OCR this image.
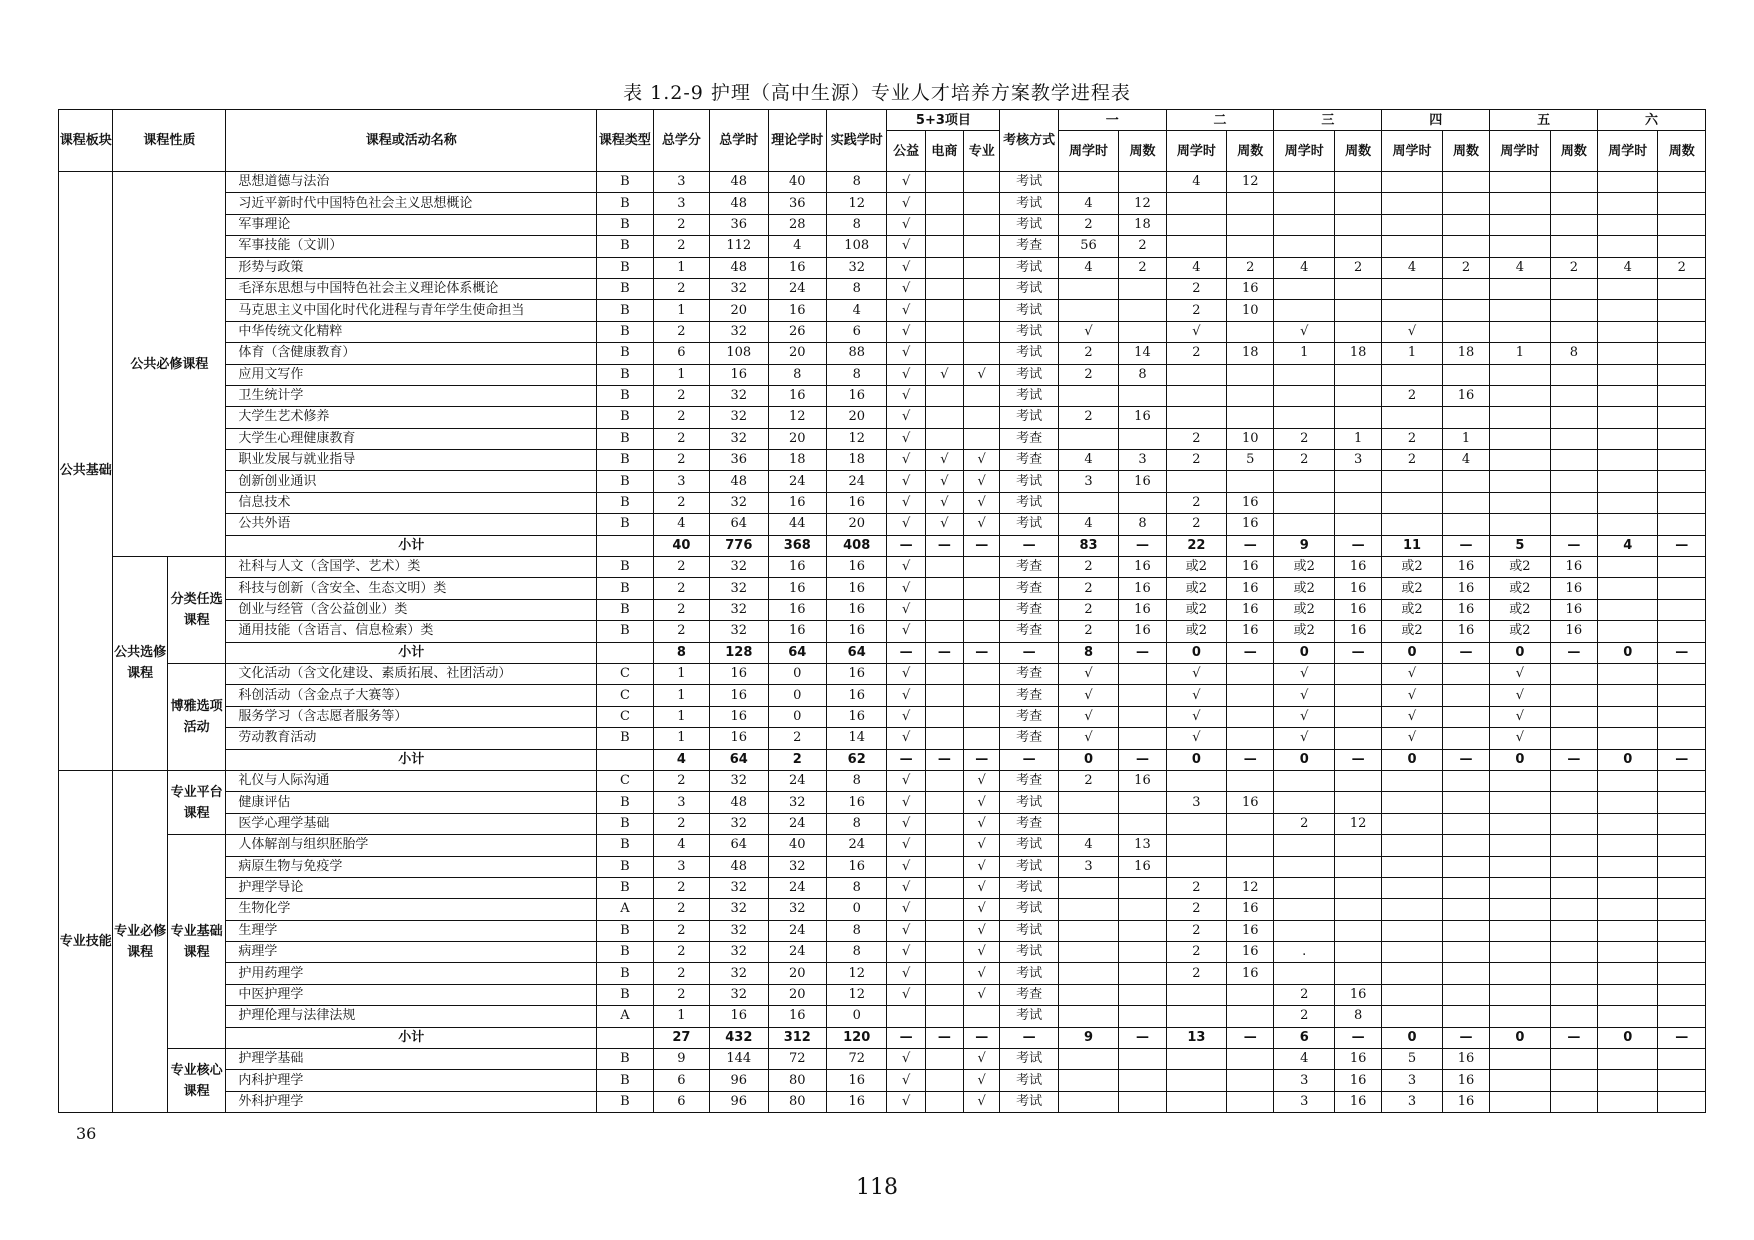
表 1.2-9 护理（高中生源）专业人才培养方案教学进程表
课程板块	课程性质		课程或活动名称	课程类型	总学分	总学时	理论学时	实践学时	5+3项目			考核方式	一		二		三		四		五		六	
									公益	电商	专业		周学时	周数	周学时	周数	周学时	周数	周学时	周数	周学时	周数	周学时	周数
公共基础	公共必修课程		思想道德与法治	B	3	48	40	8	√			考试			4	12								
			习近平新时代中国特色社会主义思想概论	B	3	48	36	12	√			考试	4	12										
			军事理论	B	2	36	28	8	√			考试	2	18										
			军事技能（文训）	B	2	112	4	108	√			考查	56	2										
			形势与政策	B	1	48	16	32	√			考试	4	2	4	2	4	2	4	2	4	2	4	2
			毛泽东思想与中国特色社会主义理论体系概论	B	2	32	24	8	√			考试			2	16								
			马克思主义中国化时代化进程与青年学生使命担当	B	1	20	16	4	√			考试			2	10								
			中华传统文化精粹	B	2	32	26	6	√			考试	√		√		√		√					
			体育（含健康教育）	B	6	108	20	88	√			考试	2	14	2	18	1	18	1	18	1	8		
			应用文写作	B	1	16	8	8	√	√	√	考试	2	8										
			卫生统计学	B	2	32	16	16	√			考试							2	16				
			大学生艺术修养	B	2	32	12	20	√			考试	2	16										
			大学生心理健康教育	B	2	32	20	12	√			考查			2	10	2	1	2	1				
			职业发展与就业指导	B	2	36	18	18	√	√	√	考查	4	3	2	5	2	3	2	4				
			创新创业通识	B	3	48	24	24	√	√	√	考试	3	16										
			信息技术	B	2	32	16	16	√	√	√	考试			2	16								
			公共外语	B	4	64	44	20	√	√	√	考试	4	8	2	16								
			小计		40	776	368	408	—	—	—	—	83	—	22	—	9	—	11	—	5	—	4	—
	公共选修课程	分类任选课程	社科与人文（含国学、艺术）类	B	2	32	16	16	√			考查	2	16	或2	16	或2	16	或2	16	或2	16		
			科技与创新（含安全、生态文明）类	B	2	32	16	16	√			考查	2	16	或2	16	或2	16	或2	16	或2	16		
			创业与经管（含公益创业）类	B	2	32	16	16	√			考查	2	16	或2	16	或2	16	或2	16	或2	16		
			通用技能（含语言、信息检索）类	B	2	32	16	16	√			考查	2	16	或2	16	或2	16	或2	16	或2	16		
			小计		8	128	64	64	—	—	—	—	8	—	0	—	0	—	0	—	0	—	0	—
		博雅选项活动	文化活动（含文化建设、素质拓展、社团活动）	C	1	16	0	16	√			考查	√		√		√		√		√			
			科创活动（含金点子大赛等）	C	1	16	0	16	√			考查	√		√		√		√		√			
			服务学习（含志愿者服务等）	C	1	16	0	16	√			考查	√		√		√		√		√			
			劳动教育活动	B	1	16	2	14	√			考查	√		√		√		√		√			
			小计		4	64	2	62	—	—	—	—	0	—	0	—	0	—	0	—	0	—	0	—
专业技能	专业必修课程	专业平台课程	礼仪与人际沟通	C	2	32	24	8	√		√	考查	2	16										
			健康评估	B	3	48	32	16	√		√	考试			3	16								
			医学心理学基础	B	2	32	24	8	√		√	考查					2	12						
		专业基础课程	人体解剖与组织胚胎学	B	4	64	40	24	√		√	考试	4	13										
			病原生物与免疫学	B	3	48	32	16	√		√	考试	3	16										
			护理学导论	B	2	32	24	8	√		√	考试			2	12								
			生物化学	A	2	32	32	0	√		√	考试			2	16								
			生理学	B	2	32	24	8	√		√	考试			2	16								
			病理学	B	2	32	24	8	√		√	考试			2	16	.							
			护用药理学	B	2	32	20	12	√		√	考试			2	16								
			中医护理学	B	2	32	20	12	√		√	考查					2	16						
			护理伦理与法律法规	A	1	16	16	0				考试					2	8						
			小计		27	432	312	120	—	—	—	—	9	—	13	—	6	—	0	—	0	—	0	—
		专业核心课程	护理学基础	B	9	144	72	72	√		√	考试					4	16	5	16				
			内科护理学	B	6	96	80	16	√		√	考试					3	16	3	16				
			外科护理学	B	6	96	80	16	√		√	考试					3	16	3	16				
36
118
